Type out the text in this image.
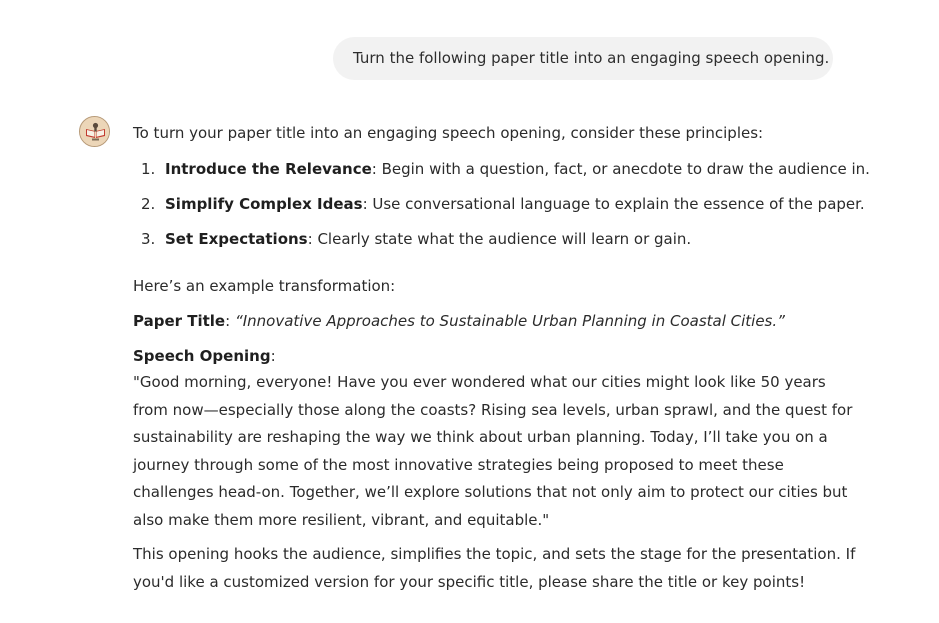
Turn the following paper title into an engaging speech opening.

To turn your paper title into an engaging speech opening, consider these principles:

1. Introduce the Relevance: Begin with a question, fact, or anecdote to draw the audience in.
2. Simplify Complex Ideas: Use conversational language to explain the essence of the paper.
3. Set Expectations: Clearly state what the audience will learn or gain.

Here’s an example transformation:

Paper Title: “Innovative Approaches to Sustainable Urban Planning in Coastal Cities.”

Speech Opening:

"Good morning, everyone! Have you ever wondered what our cities might look like 50 years

from now—especially those along the coasts? Rising sea levels, urban sprawl, and the quest for

sustainability are reshaping the way we think about urban planning. Today, I’ll take you on a

journey through some of the most innovative strategies being proposed to meet these

challenges head-on. Together, we’ll explore solutions that not only aim to protect our cities but

also make them more resilient, vibrant, and equitable."

This opening hooks the audience, simplifies the topic, and sets the stage for the presentation. If

you'd like a customized version for your specific title, please share the title or key points!
